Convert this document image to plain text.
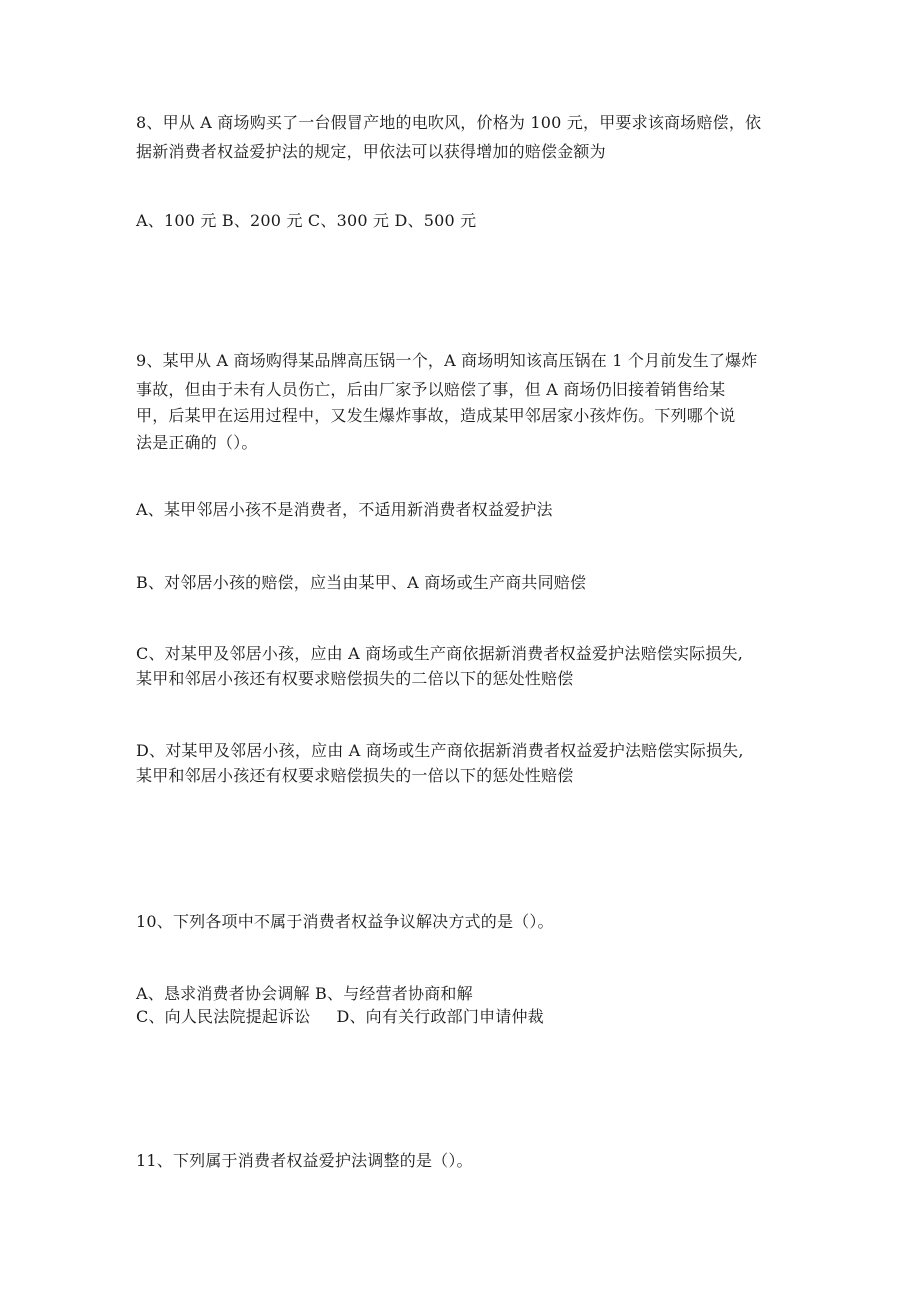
8、甲从 A 商场购买了一台假冒产地的电吹风，价格为 100 元，甲要求该商场赔偿，依
据新消费者权益爱护法的规定，甲依法可以获得增加的赔偿金额为
A、100 元 B、200 元 C、300 元 D、500 元
9、某甲从 A 商场购得某品牌高压锅一个，A 商场明知该高压锅在 1 个月前发生了爆炸
事故，但由于未有人员伤亡，后由厂家予以赔偿了事，但 A 商场仍旧接着销售给某
甲，后某甲在运用过程中，又发生爆炸事故，造成某甲邻居家小孩炸伤。下列哪个说
法是正确的（）。
A、某甲邻居小孩不是消费者，不适用新消费者权益爱护法
B、对邻居小孩的赔偿，应当由某甲、A 商场或生产商共同赔偿
C、对某甲及邻居小孩，应由 A 商场或生产商依据新消费者权益爱护法赔偿实际损失,
某甲和邻居小孩还有权要求赔偿损失的二倍以下的惩处性赔偿
D、对某甲及邻居小孩，应由 A 商场或生产商依据新消费者权益爱护法赔偿实际损失,
某甲和邻居小孩还有权要求赔偿损失的一倍以下的惩处性赔偿
10、下列各项中不属于消费者权益争议解决方式的是（）。
A、恳求消费者协会调解 B、与经营者协商和解
C、向人民法院提起诉讼 D、向有关行政部门申请仲裁
11、下列属于消费者权益爱护法调整的是（）。
